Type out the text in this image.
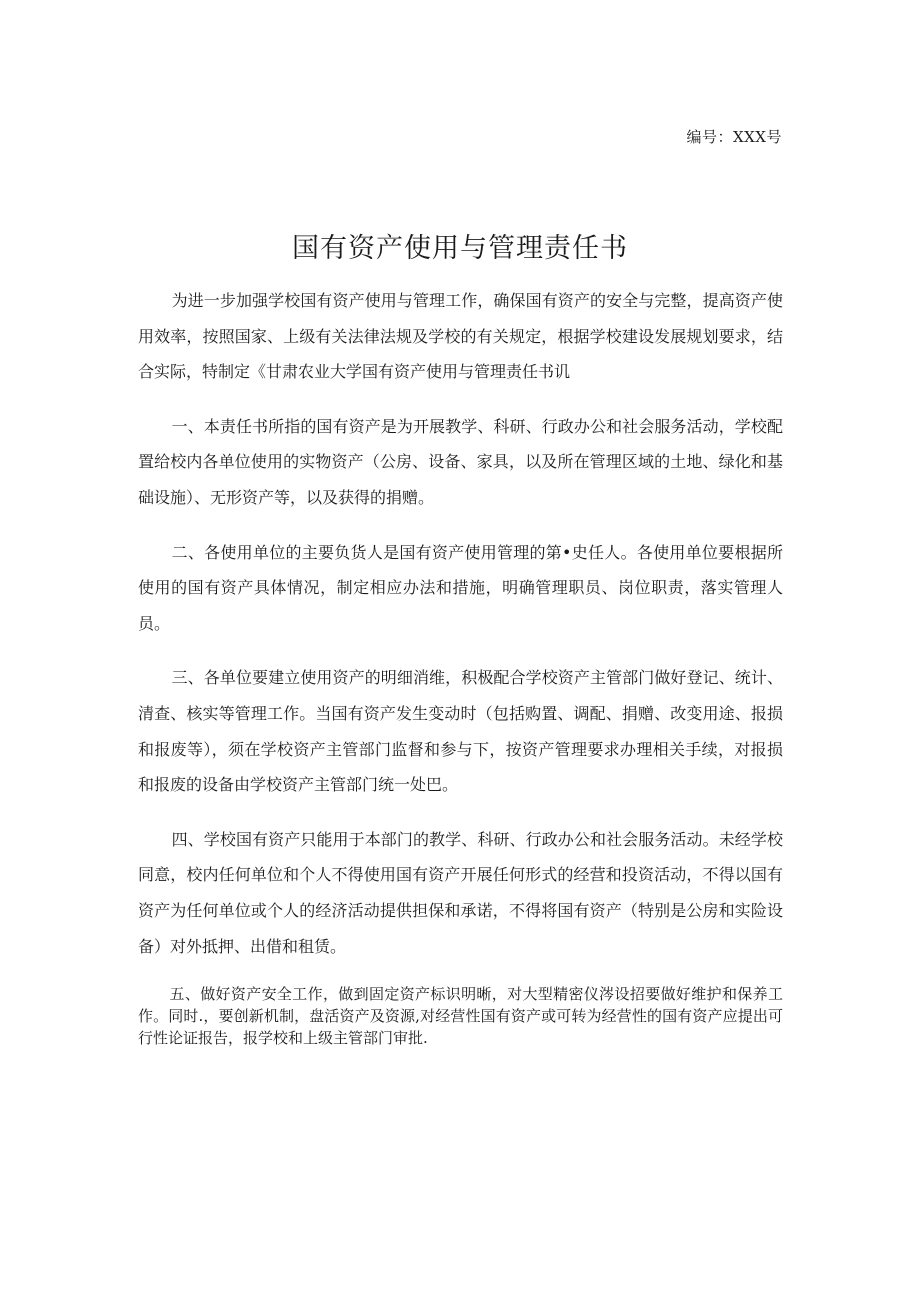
编号：XXX号
国有资产使用与管理责任书

为进一步加强学校国有资产使用与管理工作，确保国有资产的安全与完整，提高资产使用效率，按照国家、上级有关法律法规及学校的有关规定，根据学校建设发展规划要求，结合实际，特制定《甘肃农业大学国有资产使用与管理责任书讥

一、本责任书所指的国有资产是为开展教学、科研、行政办公和社会服务活动，学校配置给校内各单位使用的实物资产（公房、设备、家具，以及所在管理区域的土地、绿化和基础设施）、无形资产等，以及获得的捐赠。

二、各使用单位的主要负货人是国有资产使用管理的第•史任人。各使用单位要根据所使用的国有资产具体情况，制定相应办法和措施，明确管理职员、岗位职责，落实管理人员。

三、各单位要建立使用资产的明细消维，积极配合学校资产主管部门做好登记、统计、清查、核实等管理工作。当国有资产发生变动时（包括购置、调配、捐赠、改变用途、报损和报废等），须在学校资产主管部门监督和参与下，按资产管理要求办理相关手续，对报损和报废的设备由学校资产主管部门统一处巴。

四、学校国有资产只能用于本部门的教学、科研、行政办公和社会服务活动。未经学校同意，校内任何单位和个人不得使用国有资产开展任何形式的经营和投资活动，不得以国有资产为任何单位或个人的经济活动提供担保和承诺，不得将国有资产（特别是公房和实险设备）对外抵押、出借和租赁。

五、做好资产安全工作，做到固定资产标识明晰，对大型精密仪涔设招要做好维护和保养工作。同时.，要创新机制，盘活资产及资源,对经营性国有资产或可转为经营性的国有资产应提出可行性论证报告，报学校和上级主管部门审批.
